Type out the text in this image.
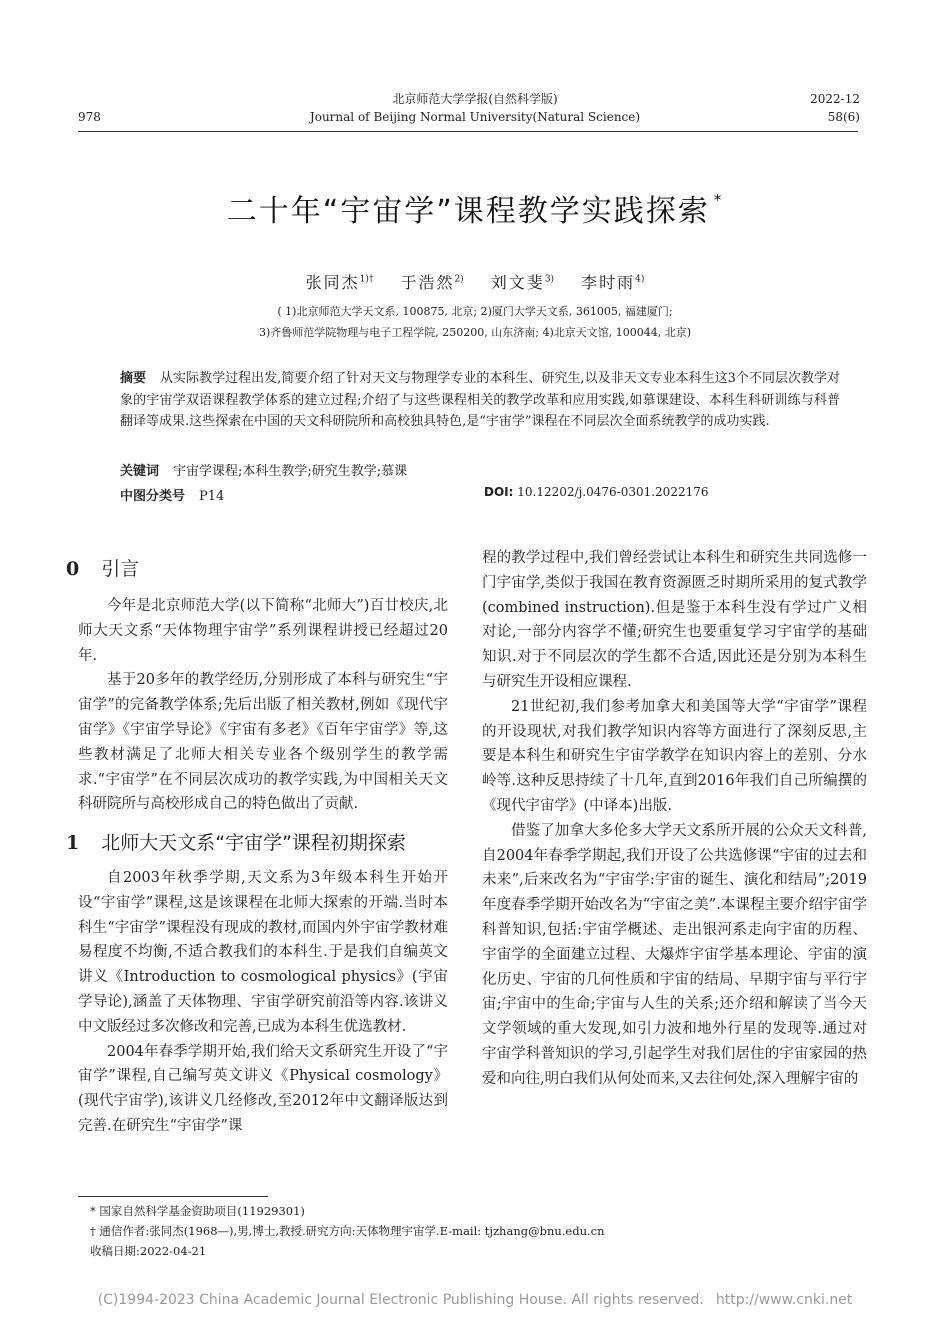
978
北京师范大学学报(自然科学版)
Journal of Beijing Normal University(Natural Science)
2022-12
58(6)
二十年“宇宙学”课程教学实践探索 *
张同杰$^{1)\dagger}$ 于浩然$^{2)}$ 刘文斐$^{3)}$ 李时雨$^{4)}$
( 1)北京师范大学天文系, 100875, 北京; 2)厦门大学天文系, 361005, 福建厦门;
3)齐鲁师范学院物理与电子工程学院, 250200, 山东济南; 4)北京天文馆, 100044, 北京)
摘要 从实际教学过程出发,简要介绍了针对天文与物理学专业的本科生、研究生,以及非天文专业本科生这3个不同层次教学对象的宇宙学双语课程教学体系的建立过程;介绍了与这些课程相关的教学改革和应用实践,如慕课建设、本科生科研训练与科普翻译等成果.这些探索在中国的天文科研院所和高校独具特色,是“宇宙学”课程在不同层次全面系统教学的成功实践.
关键词 宇宙学课程;本科生教学;研究生教学;慕课
中图分类号 P14	DOI: 10.12202/j.0476-0301.2022176
0 引言

今年是北京师范大学(以下简称“北师大”)百廿校庆,北师大天文系“天体物理宇宙学”系列课程讲授已经超过20年.

基于20多年的教学经历,分别形成了本科与研究生“宇宙学”的完备教学体系;先后出版了相关教材,例如《现代宇宙学》《宇宙学导论》《宇宙有多老》《百年宇宙学》等,这些教材满足了北师大相关专业各个级别学生的教学需求.“宇宙学”在不同层次成功的教学实践,为中国相关天文科研院所与高校形成自己的特色做出了贡献.

1 北师大天文系“宇宙学”课程初期探索

自2003年秋季学期,天文系为3年级本科生开始开设“宇宙学”课程,这是该课程在北师大探索的开端.当时本科生“宇宙学”课程没有现成的教材,而国内外宇宙学教材难易程度不均衡,不适合教我们的本科生.于是我们自编英文讲义《Introduction to cosmological physics》(宇宙学导论),涵盖了天体物理、宇宙学研究前沿等内容.该讲义中文版经过多次修改和完善,已成为本科生优选教材.

2004年春季学期开始,我们给天文系研究生开设了“宇宙学”课程,自己编写英文讲义《Physical cosmology》(现代宇宙学),该讲义几经修改,至2012年中文翻译版达到完善.在研究生“宇宙学”课

程的教学过程中,我们曾经尝试让本科生和研究生共同选修一门宇宙学,类似于我国在教育资源匮乏时期所采用的复式教学(combined instruction).但是鉴于本科生没有学过广义相对论,一部分内容学不懂;研究生也要重复学习宇宙学的基础知识.对于不同层次的学生都不合适,因此还是分别为本科生与研究生开设相应课程.

21世纪初,我们参考加拿大和美国等大学“宇宙学”课程的开设现状,对我们教学知识内容等方面进行了深刻反思,主要是本科生和研究生宇宙学教学在知识内容上的差别、分水岭等.这种反思持续了十几年,直到2016年我们自己所编撰的《现代宇宙学》(中译本)出版.

借鉴了加拿大多伦多大学天文系所开展的公众天文科普,自2004年春季学期起,我们开设了公共选修课“宇宙的过去和未来”,后来改名为“宇宙学:宇宙的诞生、演化和结局”;2019年度春季学期开始改名为“宇宙之美”.本课程主要介绍宇宙学科普知识,包括:宇宙学概述、走出银河系走向宇宙的历程、宇宙学的全面建立过程、大爆炸宇宙学基本理论、宇宙的演化历史、宇宙的几何性质和宇宙的结局、早期宇宙与平行宇宙;宇宙中的生命;宇宙与人生的关系;还介绍和解读了当今天文学领域的重大发现,如引力波和地外行星的发现等.通过对宇宙学科普知识的学习,引起学生对我们居住的宇宙家园的热爱和向往,明白我们从何处而来,又去往何处,深入理解宇宙的

* 国家自然科学基金资助项目(11929301)
† 通信作者:张同杰(1968—),男,博士,教授.研究方向:天体物理宇宙学.E-mail: tjzhang@bnu.edu.cn
收稿日期:2022-04-21
(C)1994-2023 China Academic Journal Electronic Publishing House. All rights reserved. http://www.cnki.net
